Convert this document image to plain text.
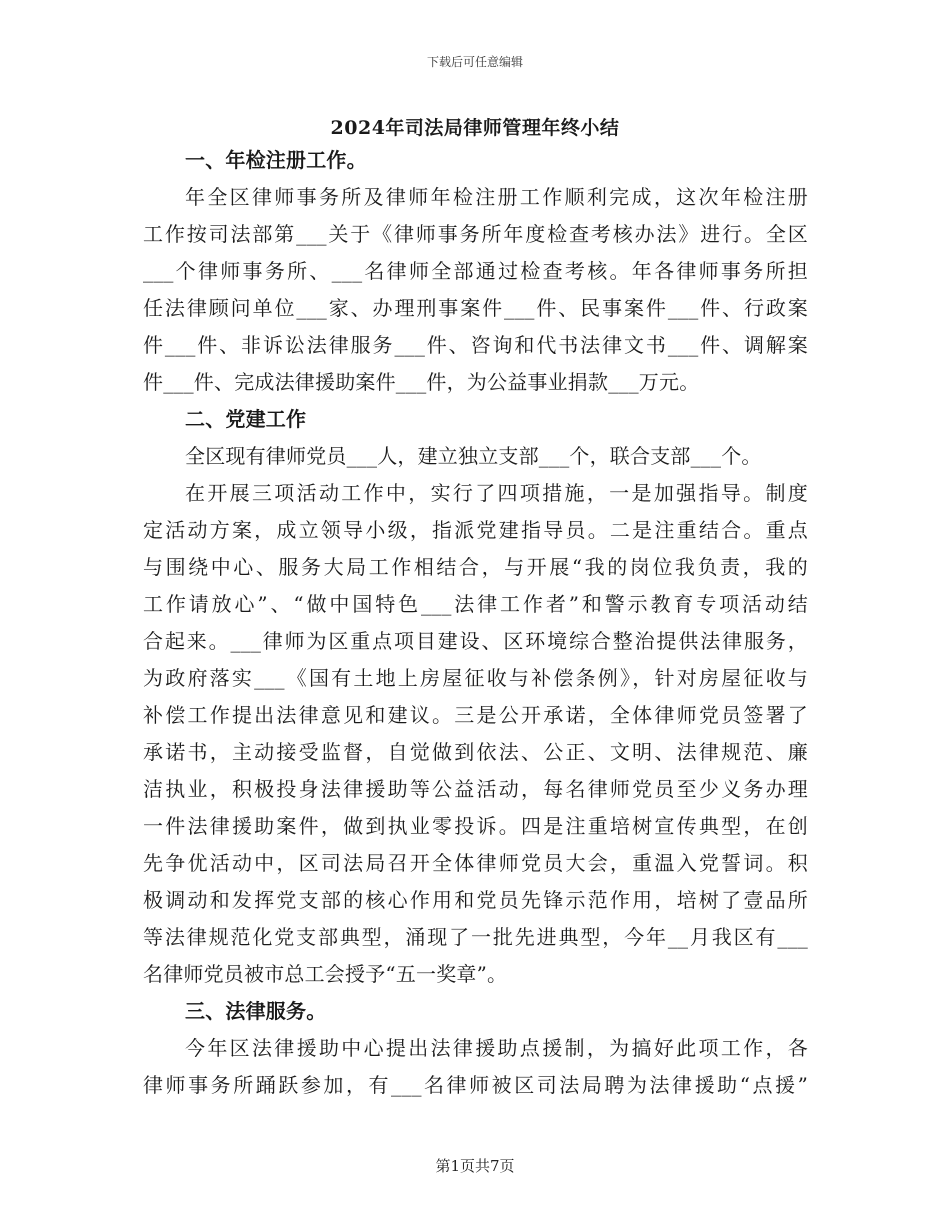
下载后可任意编辑
2024年司法局律师管理年终小结
一、年检注册工作。
年全区律师事务所及律师年检注册工作顺利完成，这次年检注册
工作按司法部第___关于《律师事务所年度检查考核办法》进行。全区
___个律师事务所、___名律师全部通过检查考核。年各律师事务所担
任法律顾问单位___家、办理刑事案件___件、民事案件___件、行政案
件___件、非诉讼法律服务___件、咨询和代书法律文书___件、调解案
件___件、完成法律援助案件___件，为公益事业捐款___万元。
二、党建工作
全区现有律师党员___人，建立独立支部___个，联合支部___个。
在开展三项活动工作中，实行了四项措施，一是加强指导。制度
定活动方案，成立领导小级，指派党建指导员。二是注重结合。重点
与围绕中心、服务大局工作相结合，与开展“我的岗位我负责，我的
工作请放心”、“做中国特色___法律工作者”和警示教育专项活动结
合起来。___律师为区重点项目建设、区环境综合整治提供法律服务，
为政府落实___《国有土地上房屋征收与补偿条例》，针对房屋征收与
补偿工作提出法律意见和建议。三是公开承诺，全体律师党员签署了
承诺书，主动接受监督，自觉做到依法、公正、文明、法律规范、廉
洁执业，积极投身法律援助等公益活动，每名律师党员至少义务办理
一件法律援助案件，做到执业零投诉。四是注重培树宣传典型，在创
先争优活动中，区司法局召开全体律师党员大会，重温入党誓词。积
极调动和发挥党支部的核心作用和党员先锋示范作用，培树了壹品所
等法律规范化党支部典型，涌现了一批先进典型，今年__月我区有___
名律师党员被市总工会授予“五一奖章”。
三、法律服务。
今年区法律援助中心提出法律援助点援制，为搞好此项工作，各
律师事务所踊跃参加，有___名律师被区司法局聘为法律援助“点援”
第1页共7页
